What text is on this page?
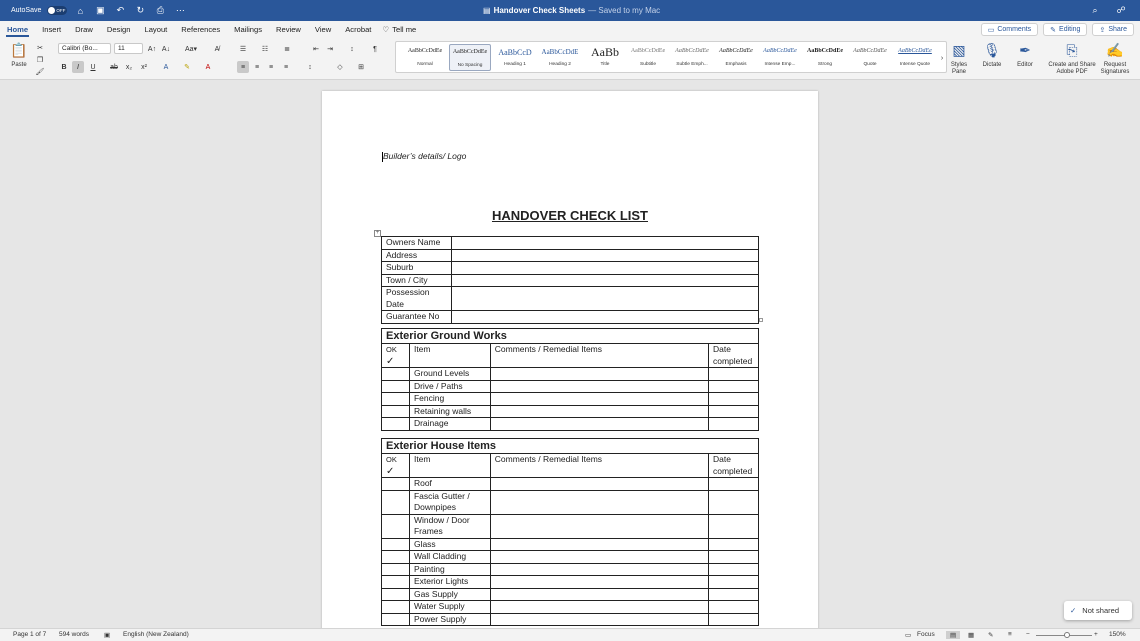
AutoSave	OFF	⌂	▣	↶	↻	⎙	⋯	▤ Handover Check Sheets — Saved to my Mac	⌕	☍
Home	Insert	Draw	Design	Layout	References	Mailings	Review	View	Acrobat	♡ Tell me	▭ Comments	✎ Editing	⇪ Share
📋
Paste
✂
❐
🖌
Calibri (Bo...	11	A↑ A↓	Aa▾	A̸
B	I	U	ab	x₂	x²	A	✎	A
☰	☷	≣	⇤	⇥	↕	¶
≡	≡	≡	≡	↕	◇	⊞
AaBbCcDdEe
Normal
AaBbCcDdEe
No Spacing
AaBbCcD
Heading 1
AaBbCcDdE
Heading 2
AaBb
Title
AaBbCcDdEe
Subtitle
AaBbCcDdEe
Subtle Emph...
AaBbCcDdEe
Emphasis
AaBbCcDdEe
Intense Emp...
AaBbCcDdEe
Strong
AaBbCcDdEe
Quote
AaBbCcDdEe
Intense Quote
›
▧
Styles Pane
🎙
Dictate
✒
Editor
⎘
Create and Share Adobe PDF
✍
Request Signatures
Builder’s details/ Logo
HANDOVER CHECK LIST
+
Owners Name	
Address	
Suburb	
Town / City	
Possession Date	
Guarantee No	
Exterior Ground Works			

OK
✓	Item	Comments / Remedial Items	Date completed
	Ground Levels		
	Drive / Paths		
	Fencing		
	Retaining walls		
	Drainage		
Exterior House Items			

OK
✓	Item	Comments / Remedial Items	Date completed
	Roof		
	Fascia Gutter / Downpipes		
	Window / Door Frames		
	Glass		
	Wall Cladding		
	Painting		
	Exterior Lights		
	Gas Supply		
	Water Supply		
	Power Supply		
✓ Not shared
Page 1 of 7 594 words ▣ English (New Zealand)	▭ Focus	▤	▦ ✎ ≡ −	+ 150%
